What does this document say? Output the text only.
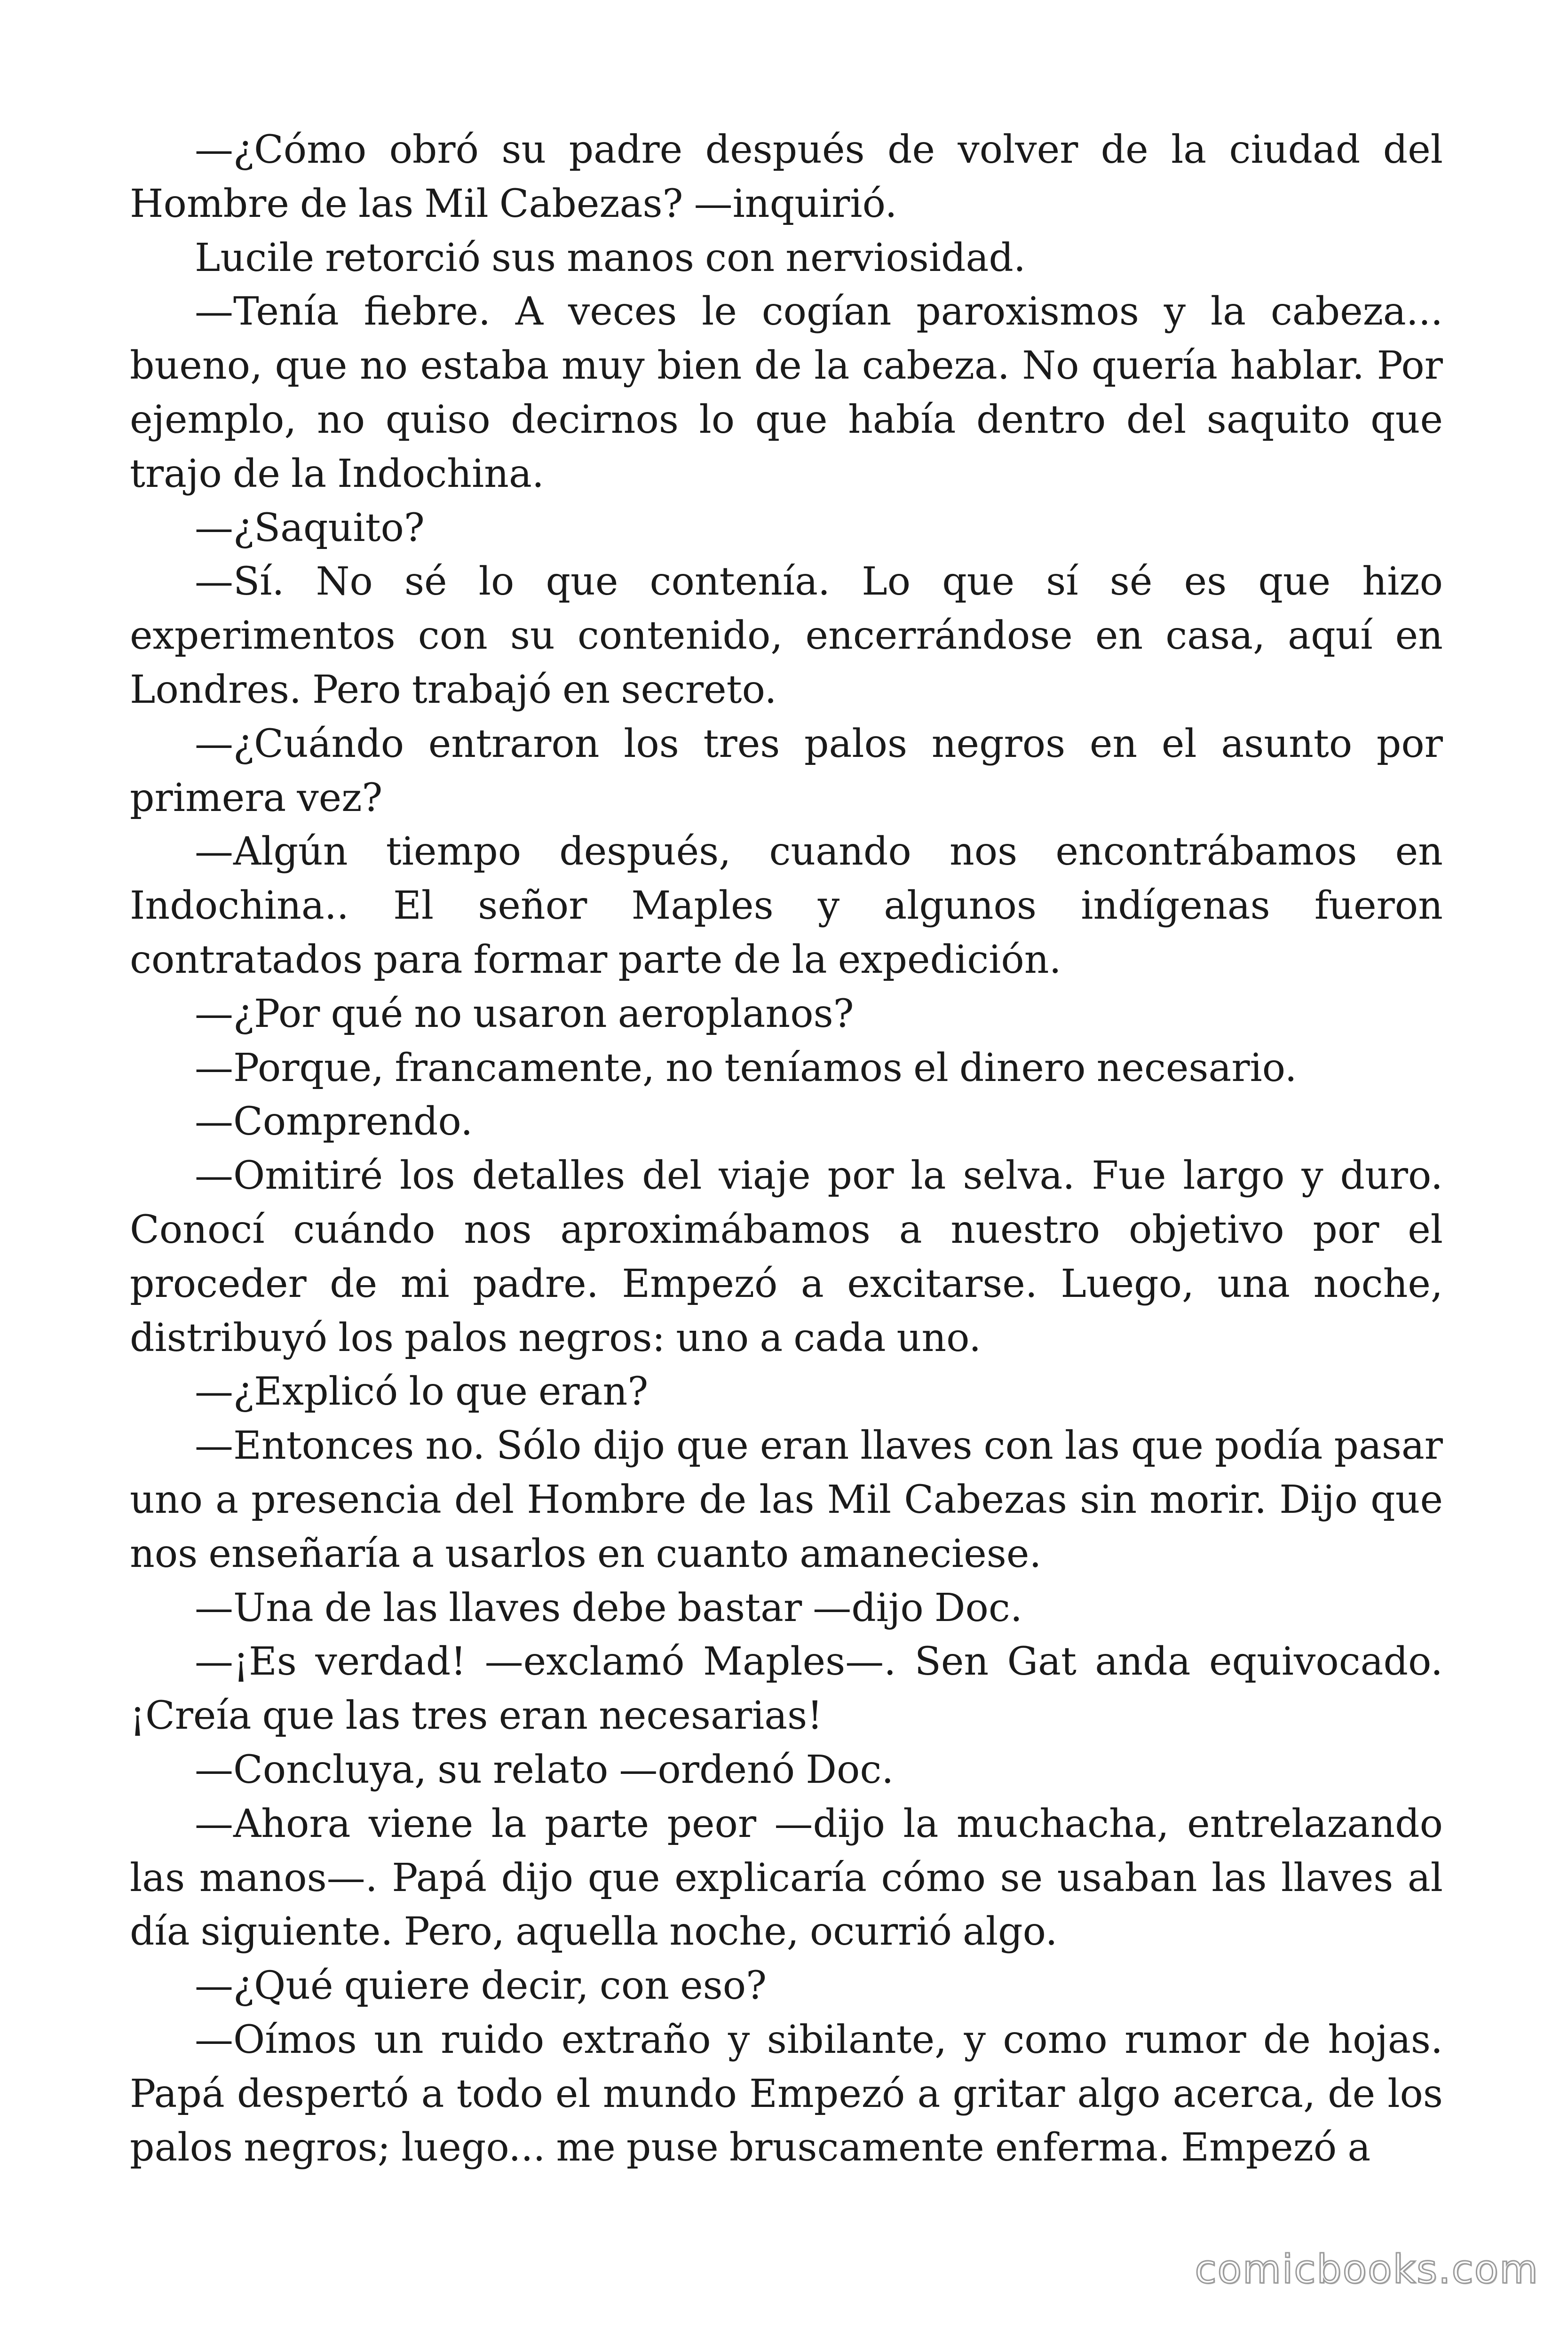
—¿Cómo obró su padre después de volver de la ciudad del Hombre de las Mil Cabezas? —inquirió.

Lucile retorció sus manos con nerviosidad.

—Tenía fiebre. A veces le cogían paroxismos y la cabeza... bueno, que no estaba muy bien de la cabeza. No quería hablar. Por ejemplo, no quiso decirnos lo que había dentro del saquito que trajo de la Indochina.

—¿Saquito?

—Sí. No sé lo que contenía. Lo que sí sé es que hizo experimentos con su contenido, encerrándose en casa, aquí en Londres. Pero trabajó en secreto.

—¿Cuándo entraron los tres palos negros en el asunto por primera vez?

—Algún tiempo después, cuando nos encontrábamos en Indochina.. El señor Maples y algunos indígenas fueron contratados para formar parte de la expedición.

—¿Por qué no usaron aeroplanos?

—Porque, francamente, no teníamos el dinero necesario.

—Comprendo.

—Omitiré los detalles del viaje por la selva. Fue largo y duro. Conocí cuándo nos aproximábamos a nuestro objetivo por el proceder de mi padre. Empezó a excitarse. Luego, una noche, distribuyó los palos negros: uno a cada uno.

—¿Explicó lo que eran?

—Entonces no. Sólo dijo que eran llaves con las que podía pasar uno a presencia del Hombre de las Mil Cabezas sin morir. Dijo que nos enseñaría a usarlos en cuanto amaneciese.

—Una de las llaves debe bastar —dijo Doc.

—¡Es verdad! —exclamó Maples—. Sen Gat anda equivocado. ¡Creía que las tres eran necesarias!

—Concluya, su relato —ordenó Doc.

—Ahora viene la parte peor —dijo la muchacha, entrelazando las manos—. Papá dijo que explicaría cómo se usaban las llaves al día siguiente. Pero, aquella noche, ocurrió algo.

—¿Qué quiere decir, con eso?

—Oímos un ruido extraño y sibilante, y como rumor de hojas. Papá despertó a todo el mundo Empezó a gritar algo acerca, de los palos negros; luego... me puse bruscamente enferma. Empezó a

comicbooks.com
